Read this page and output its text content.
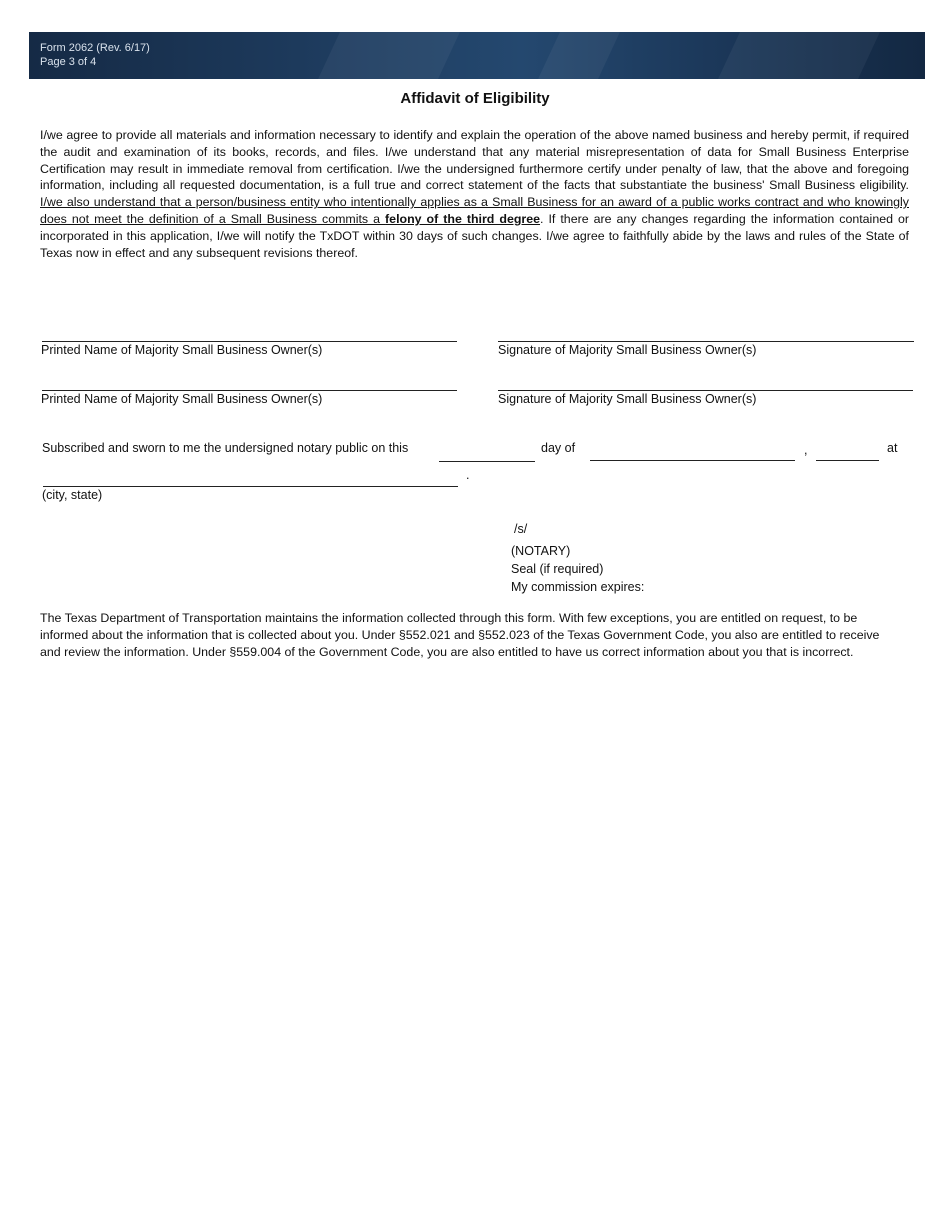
Form 2062 (Rev. 6/17)
Page 3 of 4
Affidavit of Eligibility
I/we agree to provide all materials and information necessary to identify and explain the operation of the above named business and hereby permit, if required the audit and examination of its books, records, and files. I/we understand that any material misrepresentation of data for Small Business Enterprise Certification may result in immediate removal from certification. I/we the undersigned furthermore certify under penalty of law, that the above and foregoing information, including all requested documentation, is a full true and correct statement of the facts that substantiate the business' Small Business eligibility. I/we also understand that a person/business entity who intentionally applies as a Small Business for an award of a public works contract and who knowingly does not meet the definition of a Small Business commits a felony of the third degree. If there are any changes regarding the information contained or incorporated in this application, I/we will notify the TxDOT within 30 days of such changes. I/we agree to faithfully abide by the laws and rules of the State of Texas now in effect and any subsequent revisions thereof.
Printed Name of Majority Small Business Owner(s)	Signature of Majority Small Business Owner(s)
Printed Name of Majority Small Business Owner(s)	Signature of Majority Small Business Owner(s)
Subscribed and sworn to me the undersigned notary public on this	day of	,	at
.
(city, state)
/s/
(NOTARY)
Seal (if required)
My commission expires:
The Texas Department of Transportation maintains the information collected through this form. With few exceptions, you are entitled on request, to be informed about the information that is collected about you. Under §552.021 and §552.023 of the Texas Government Code, you also are entitled to receive and review the information. Under §559.004 of the Government Code, you are also entitled to have us correct information about you that is incorrect.
